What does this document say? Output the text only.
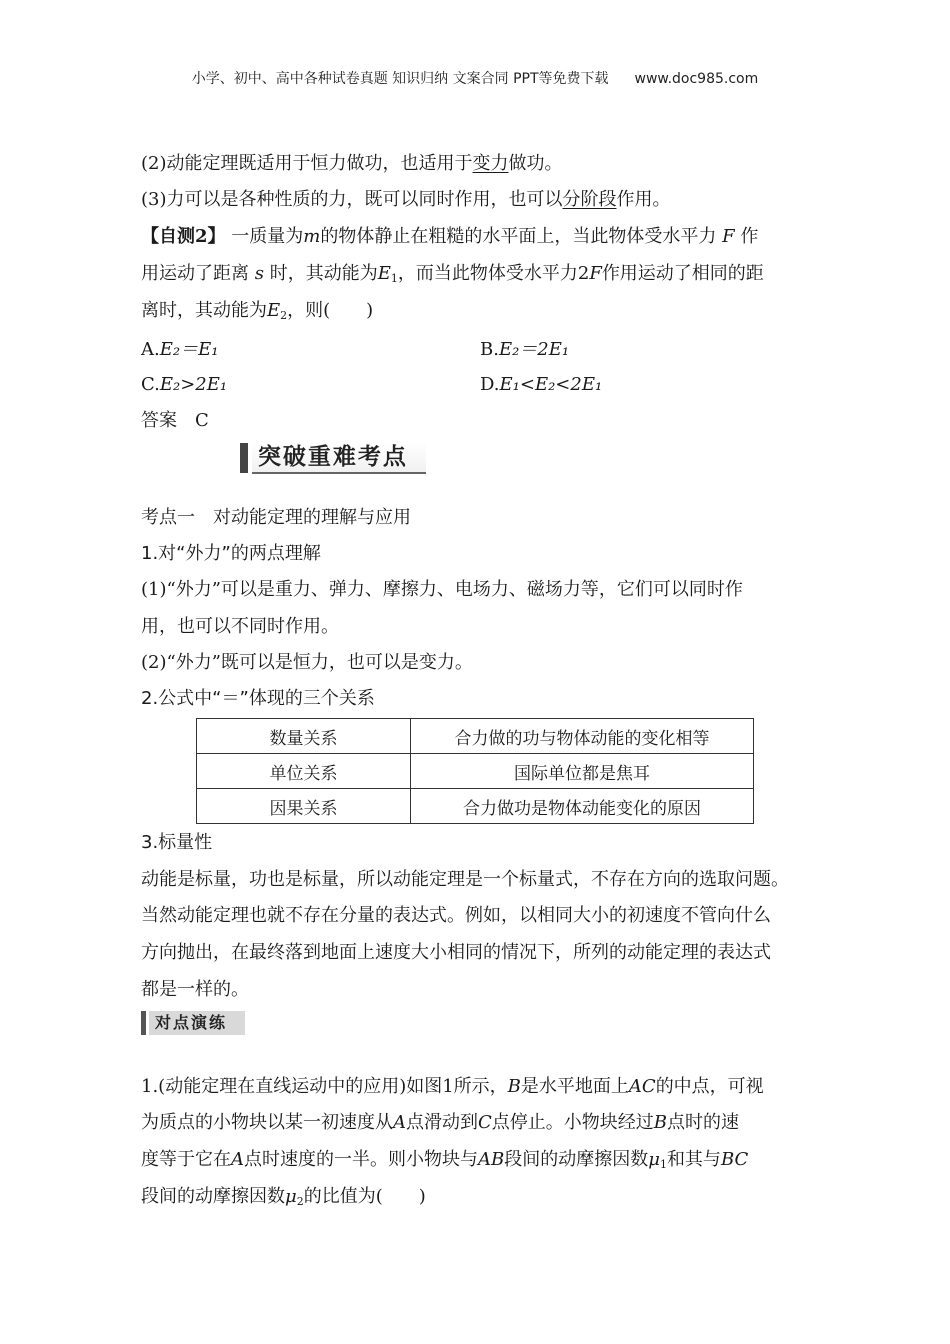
小学、初中、高中各种试卷真题 知识归纳 文案合同 PPT等免费下载 www.doc985.com
(2)动能定理既适用于恒力做功，也适用于变力做功。
(3)力可以是各种性质的力，既可以同时作用，也可以分阶段作用。
【自测2】 一质量为m的物体静止在粗糙的水平面上，当此物体受水平力 F 作
用运动了距离 s 时，其动能为$E_1$，而当此物体受水平力2F作用运动了相同的距
离时，其动能为$E_2$，则(　　)
A.E₂＝E₁	B.E₂＝2E₁
C.E₂>2E₁	D.E₁<E₂<2E₁
答案　 C
考点一　对动能定理的理解与应用
1.对“外力”的两点理解
(1)“外力”可以是重力、弹力、摩擦力、电场力、磁场力等，它们可以同时作
用，也可以不同时作用。
(2)“外力”既可以是恒力，也可以是变力。
2.公式中“＝”体现的三个关系
数量关系	合力做的功与物体动能的变化相等
单位关系	国际单位都是焦耳
因果关系	合力做功是物体动能变化的原因
3.标量性
动能是标量，功也是标量，所以动能定理是一个标量式，不存在方向的选取问题。
当然动能定理也就不存在分量的表达式。例如，以相同大小的初速度不管向什么
方向抛出，在最终落到地面上速度大小相同的情况下，所列的动能定理的表达式
都是一样的。
对点演练
1.(动能定理在直线运动中的应用)如图1所示，B是水平地面上AC的中点，可视
为质点的小物块以某一初速度从A点滑动到C点停止。小物块经过B点时的速
度等于它在A点时速度的一半。则小物块与AB段间的动摩擦因数$\mu_1$和其与BC
段间的动摩擦因数$\mu_2$的比值为(　　)
突破重难考点
